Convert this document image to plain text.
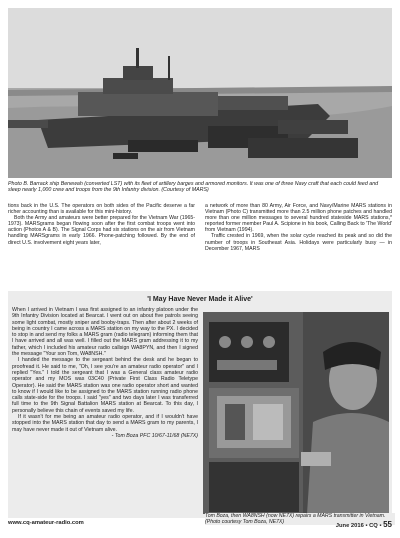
Photo B. Barrack ship Benewah (converted LST) with its fleet of artillery barges and armored monitors. It was one of three Navy craft that each could feed and sleep nearly 1,000 crew and troops from the 9th Infantry division. (Courtesy of MARS)

tions back in the U.S. The operators on both sides of the Pacific deserve a far richer accounting than is available for this mini-history.

Both the Army and amateurs were better prepared for the Vietnam War (1965-1973). MARSgrams began flowing soon after the first combat troops went into action (Photos A & B). The Signal Corps had six stations on the air from Vietnam handling MARSgrams in early 1966. Phone-patching followed. By the end of direct U.S. involvement eight years later,

a network of more than 80 Army, Air Force, and Navy/Marine MARS stations in Vietnam (Photo C) transmitted more than 2.5 million phone patches and handled more than one million messages to several hundred stateside MARS stations,* reported former member Paul A. Scipione in his book, Calling Back to 'The World' from Vietnam (1994).

Traffic crested in 1969, when the solar cycle reached its peak and so did the number of troops in Southeast Asia. Holidays were particularly busy — in December 1967, MARS

'I May Have Never Made it Alive'

When I arrived in Vietnam I was first assigned to an infantry platoon under the 9th Infantry Division located at Bearcat. I went out on about five patrols seeing some light combat, mostly sniper and booby-traps. Then after about 2 weeks of being in country I came across a MARS station on my way to the PX. I decided to stop in and send my folks a MARS gram (radio telegram) informing them that I have arrived and all was well. I filled out the MARS gram addressing it to my father, which I included his amateur radio callsign WA8PYN, and then I signed the message "Your son Tom, WA8NSH."

I handed the message to the sergeant behind the desk and he began to proofread it. He said to me, "Oh, I see you're an amateur radio operator" and I replied "Yes." I told the sergeant that I was a General class amateur radio operator and my MOS was 03C40 (Private First Class Radio Teletype Operator). He said the MARS station was one radio operator short and wanted to know if I would like to be assigned to the MARS station running radio phone calls state-side for the troops. I said "yes" and two days later I was transferred full time to the 9th Signal Battalion MARS station at Bearcat. To this day, I personally believe this chain of events saved my life.

If it wasn't for me being an amateur radio operator, and if I wouldn't have stopped into the MARS station that day to send a MARS gram to my parents, I may have never made it out of Vietnam alive.

- Tom Boza PFC 10/67-11/68 (NE7X)

Tom Boza, then WA8NSH (now NE7X) repairs a MARS transmitter in Vietnam. (Photo courtesy Tom Boza, NE7X)
www.cq-amateur-radio.com	June 2016 • CQ • 55
